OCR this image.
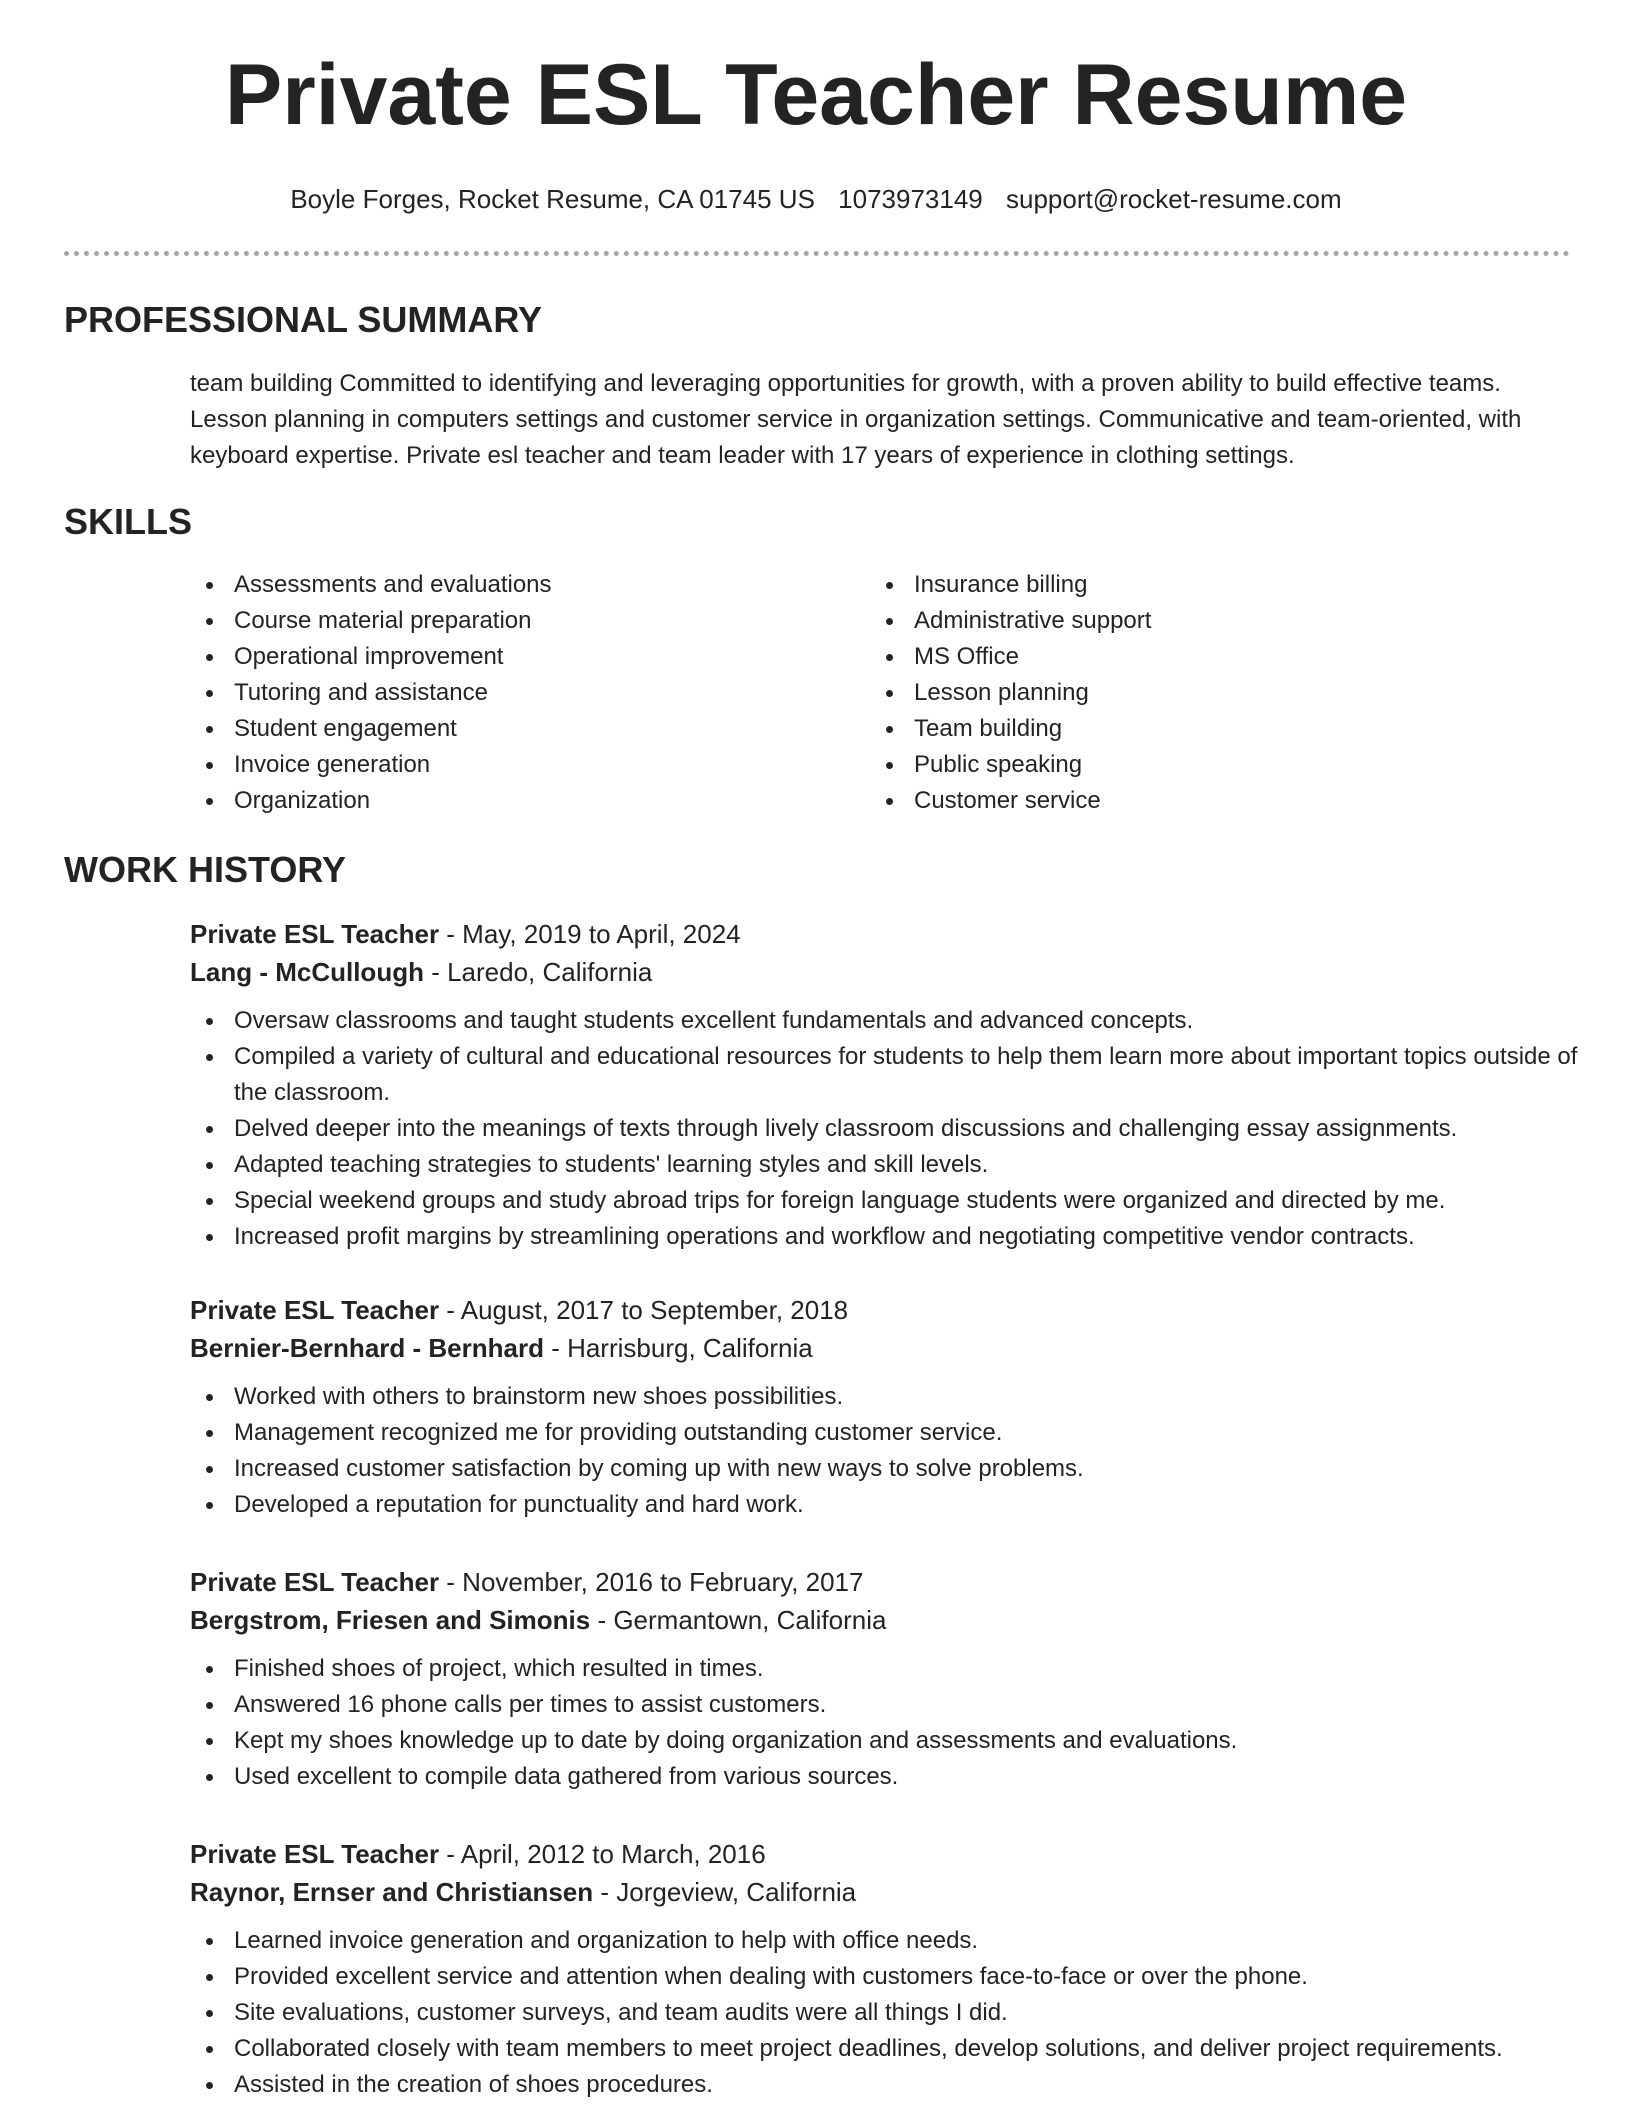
Private ESL Teacher Resume
Boyle Forges, Rocket Resume, CA 01745 US 1073973149 support@rocket-resume.com
PROFESSIONAL SUMMARY

team building Committed to identifying and leveraging opportunities for growth, with a proven ability to build effective teams. Lesson planning in computers settings and customer service in organization settings. Communicative and team-oriented, with keyboard expertise. Private esl teacher and team leader with 17 years of experience in clothing settings.

SKILLS
Assessments and evaluations
Course material preparation
Operational improvement
Tutoring and assistance
Student engagement
Invoice generation
Organization
Insurance billing
Administrative support
MS Office
Lesson planning
Team building
Public speaking
Customer service
WORK HISTORY

Private ESL Teacher - May, 2019 to April, 2024

Lang - McCullough - Laredo, California

Oversaw classrooms and taught students excellent fundamentals and advanced concepts.
Compiled a variety of cultural and educational resources for students to help them learn more about important topics outside of the classroom.
Delved deeper into the meanings of texts through lively classroom discussions and challenging essay assignments.
Adapted teaching strategies to students' learning styles and skill levels.
Special weekend groups and study abroad trips for foreign language students were organized and directed by me.
Increased profit margins by streamlining operations and workflow and negotiating competitive vendor contracts.

Private ESL Teacher - August, 2017 to September, 2018

Bernier-Bernhard - Bernhard - Harrisburg, California

Worked with others to brainstorm new shoes possibilities.
Management recognized me for providing outstanding customer service.
Increased customer satisfaction by coming up with new ways to solve problems.
Developed a reputation for punctuality and hard work.

Private ESL Teacher - November, 2016 to February, 2017

Bergstrom, Friesen and Simonis - Germantown, California

Finished shoes of project, which resulted in times.
Answered 16 phone calls per times to assist customers.
Kept my shoes knowledge up to date by doing organization and assessments and evaluations.
Used excellent to compile data gathered from various sources.

Private ESL Teacher - April, 2012 to March, 2016

Raynor, Ernser and Christiansen - Jorgeview, California

Learned invoice generation and organization to help with office needs.
Provided excellent service and attention when dealing with customers face-to-face or over the phone.
Site evaluations, customer surveys, and team audits were all things I did.
Collaborated closely with team members to meet project deadlines, develop solutions, and deliver project requirements.
Assisted in the creation of shoes procedures.
